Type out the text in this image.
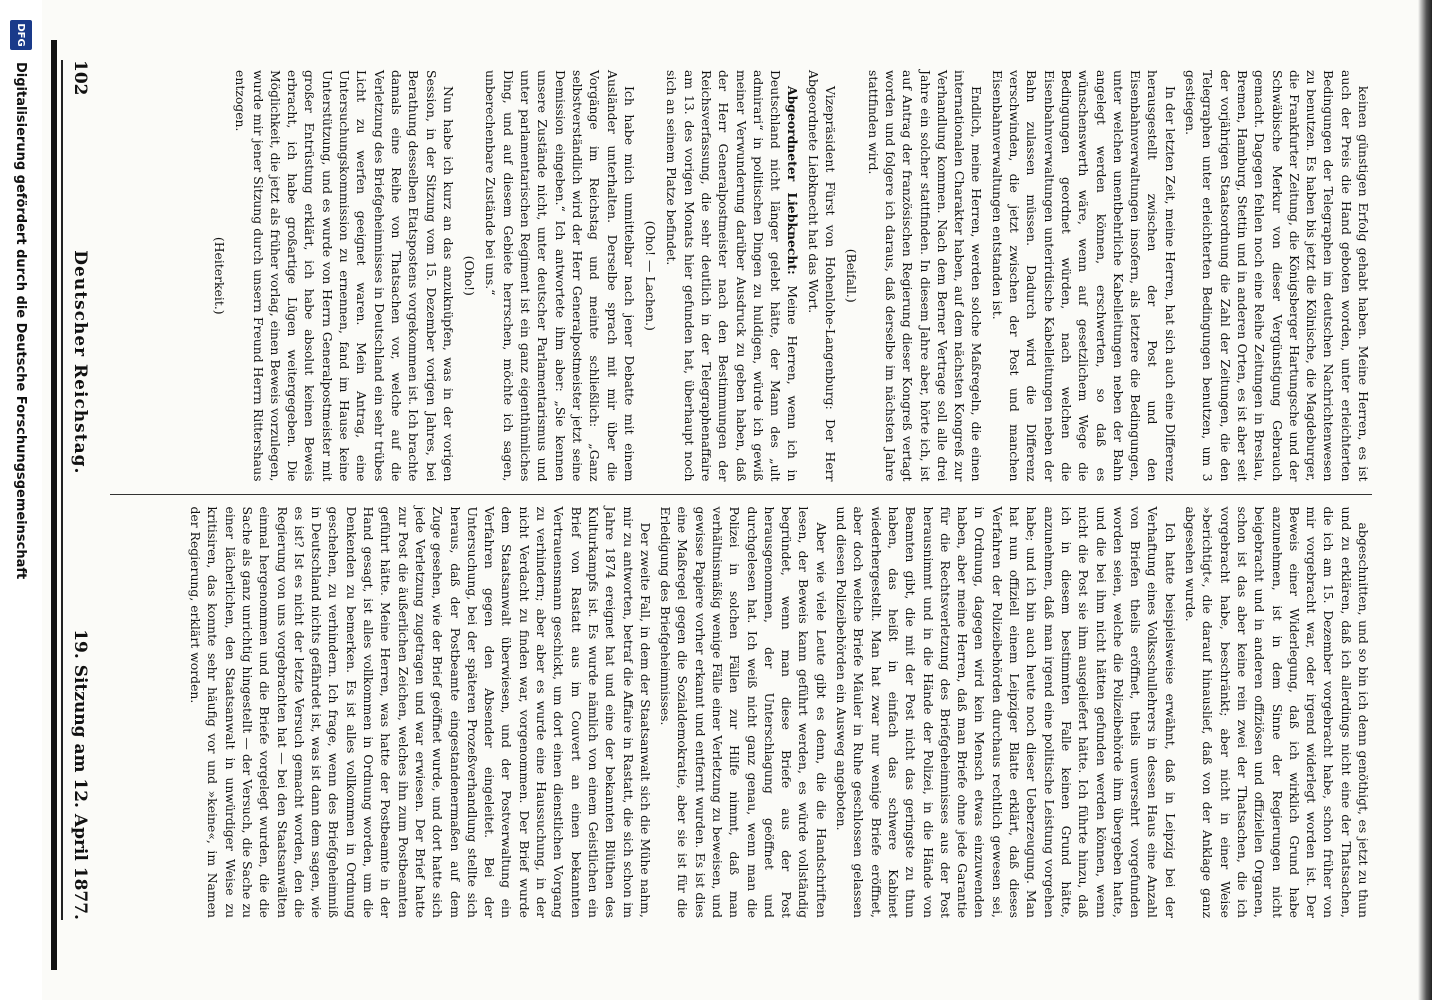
keinen günstigen Erfolg gehabt haben. Meine Herren, es ist auch der Preis die Hand geboten worden, unter erleichterten Bedingungen der Telegraphen im deutschen Nachrichtenwesen zu benutzen. Es haben bis jetzt die Kölnische, die Magdeburger, die Frankfurter Zeitung, die Königsberger Hartungsche und der Schwäbische Merkur von dieser Vergünstigung Gebrauch gemacht. Dagegen fehlen noch eine Reihe Zeitungen in Breslau, Bremen, Hamburg, Stettin und in anderen Orten, es ist aber seit der vorjährigen Staatsordnung die Zahl der Zeitungen, die den Telegraphen unter erleichterten Bedingungen benutzen, um 3 gestiegen.

In der letzten Zeit, meine Herren, hat sich auch eine Differenz herausgestellt zwischen der Post und den Eisenbahnverwaltungen insofern, als letztere die Bedingungen, unter welchen unentbehrliche Kabelleitungen neben der Bahn angelegt werden können, erschwerten, so daß es wünschenswerth wäre, wenn auf gesetzlichem Wege die Bedingungen geordnet würden, nach welchen die Eisenbahnverwaltungen unterirdische Kabelleitungen neben der Bahn zulassen müssen. Dadurch wird die Differenz verschwinden, die jetzt zwischen der Post und manchen Eisenbahnverwaltungen entstanden ist.

Endlich, meine Herren, werden solche Maßregeln, die einen internationalen Charakter haben, auf dem nächsten Kongreß zur Verhandlung kommen. Nach dem Berner Vertrage soll alle drei Jahre ein solcher stattfinden. In diesem Jahre aber, hörte ich, ist auf Antrag der französischen Regierung dieser Kongreß vertagt worden und folgere ich daraus, daß derselbe im nächsten Jahre stattfinden wird.

(Beifall.)

Vizepräsident Fürst von Hohenlohe-Langenburg: Der Herr Abgeordnete Liebknecht hat das Wort.

Abgeordneter Liebknecht: Meine Herren, wenn ich in Deutschland nicht länger gelebt hätte, der Mann des „ult admirari“ in politischen Dingen zu huldigen, würde ich gewiß meiner Verwunderung darüber Ausdruck zu geben haben, daß der Herr Generalpostmeister nach den Bestimmungen der Reichsverfassung, die sehr deutlich in der Telegraphenaffaire am 13. des vorigen Monats hier gefunden hat, überhaupt noch sich an seinem Platze befindet.

(Oho! — Lachen.)

Ich habe mich unmittelbar nach jener Debatte mit einem Ausländer unterhalten. Derselbe sprach mit mir über die Vorgänge im Reichstag und meinte schließlich: „Ganz selbstverständlich wird der Herr Generalpostmeister jetzt seine Demission eingeben.“ Ich antwortete ihm aber: „Sie kennen unsere Zustände nicht, unter deutscher Parlamentarismus und unter parlamentarischen Regiment ist ein ganz eigenthümliches Ding, und auf diesem Gebiete herrschen, möchte ich sagen, unberechenbare Zustände bei uns.“

(Oho!)

Nun habe ich kurz an das anzuknüpfen, was in der vorigen Session, in der Sitzung vom 15. Dezember vorigen Jahres, bei Berathung desselben Etatspostens vorgekommen ist. Ich brachte damals eine Reihe von Thatsachen vor, welche auf die Verletzung des Briefgeheimnisses in Deutschland ein sehr trübes Licht zu werfen geeignet waren. Mein Antrag, eine Untersuchungskommission zu ernennen, fand im Hause keine Unterstützung, und es wurde von Herrn Generalpostmeister mit großer Entrüstung erklärt, ich habe absolut keinen Beweis erbracht, ich habe großartige Lügen weitergegeben. Die Möglichkeit, die jetzt als früher vorlag, einen Beweis vorzulegen, wurde mir jener Sitzung durch unsern Freund Herrn Rittershaus entzogen.

(Heiterkeit.)

abgeschnitten, und so bin ich denn genöthigt, es jetzt zu thun und zu erklären, daß ich allerdings nicht eine der Thatsachen, die ich am 15. Dezember vorgebracht habe, schon früher von mir vorgebracht war, oder irgend widerlegt worden ist. Der Beweis einer Widerlegung, daß ich wirklich Grund habe anzunehmen, ist in dem Sinne der Regierungen nicht beigebracht und in anderen offiziösen und offiziellen Organen, schon ist das aber keine rein zwei der Thatsachen, die ich vorgebracht habe, beschränkt; aber nicht in einer Weise »berichtigt«, die darauf hinauslief, daß von der Anklage ganz abgesehen wurde.

Ich hatte beispielsweise erwähnt, daß in Leipzig bei der Verhaftung eines Volksschullehrers in dessen Haus eine Anzahl von Briefen theils eröffnet, theils unversehrt vorgefunden worden seien, welche die Polizeibehörde ihm übergeben hatte, und die bei ihm nicht hätten gefunden werden können, wenn nicht die Post sie ihm ausgeliefert hätte. Ich führte hinzu, daß ich in diesem bestimmten Falle keinen Grund hätte, anzunehmen, daß man irgend eine politische Leistung vorgehen habe; und ich bin auch heute noch dieser Ueberzeugung. Man hat nun offiziell einem Leipziger Blatte erklärt, daß dieses Verfahren der Polizeibehörden durchaus rechtlich gewesen sei, in Ordnung, dagegen wird kein Mensch etwas einzuwenden haben, aber meine Herren, daß man Briefe ohne jede Garantie für die Rechtsverletzung des Briefgeheimnisses aus der Post herausnimmt und in die Hände der Polizei, in die Hände von Beamten gibt, die mit der Post nicht das geringste zu thun haben, das heißt in einfach das schwere Kabinet wiederhergestellt. Man hat zwar nur wenige Briefe eröffnet, aber doch welche Briefe Mäuler in Ruhe geschlossen gelassen und diesen Polizeibehörden ein Ausweg angeboten.

Aber wie viele Leute gibt es denn, die die Handschriften lesen, der Beweis kann geführt werden, es würde vollständig begründet, wenn man diese Briefe aus der Post herausgenommen, der Unterschlagung geöffnet und durchgelesen hat. Ich weiß nicht ganz genau, wenn man die Polizei in solchen Fällen zur Hilfe nimmt, daß man verhältnismäßig wenige Fälle einer Verletzung zu beweisen, und gewisse Papiere vorher erkannt und entfernt wurden. Es ist dies eine Maßregel gegen die Sozialdemokratie, aber sie ist für die Erledigung des Briefgeheimnisses.

Der zweite Fall, in dem der Staatsanwalt sich die Mühe nahm, mir zu antworten, betraf die Affaire in Rastatt, die sich schon im Jahre 1874 ereignet hat und eine der bekannten Blüthen des Kulturkampfs ist. Es wurde nämlich von einem Geistlichen ein Brief von Rastatt aus im Couvert an einen bekannten Vertrauensmann geschickt, um dort einen dienstlichen Vorgang zu verhindern; aber aber es wurde eine Haussuchung, in der nicht Verdacht zu finden war, vorgenommen. Der Brief wurde dem Staatsanwalt überwiesen, und der Postverwaltung ein Verfahren gegen den Absender eingeleitet. Bei der Untersuchung, bei der späteren Prozeßverhandlung stellte sich heraus, daß der Postbeamte eingestandenermaßen auf dem Zuge gesehen, wie der Brief geöffnet wurde, und dort hatte sich jede Verletzung zugetragen und war erwiesen. Der Brief hatte zur Post die äußerlichen Zeichen, welches ihn zum Postbeamten geführt hätte. Meine Herren, was hatte der Postbeamte in der Hand gesagt, ist alles vollkommen in Ordnung worden, um die Denkenden zu bemerken. Es ist alles vollkommen in Ordnung geschehen, zu verhindern. Ich frage, wenn des Briefgeheimniß in Deutschland nichts gefährdet ist, was ist dann dem sagen, wie es ist? Ist es nicht der letzte Versuch gemacht worden, den die Regierung von uns vorgebrachten hat — bei den Staatsanwälten einmal hergenommen und die Briefe vorgelegt wurden, die die Sache als ganz unrichtig hingestellt — der Versuch, die Sache zu einer lächerlichen, den Staatsanwalt in unwürdiger Weise zu kritisiren, das konnte sehr häufig vor und »keine«, im Namen der Regierung, erklärt worden.

102
Deutscher Reichstag.
19. Sitzung am 12. April 1877.
DFG
Digitalisierung gefördert durch die Deutsche Forschungsgemeinschaft
